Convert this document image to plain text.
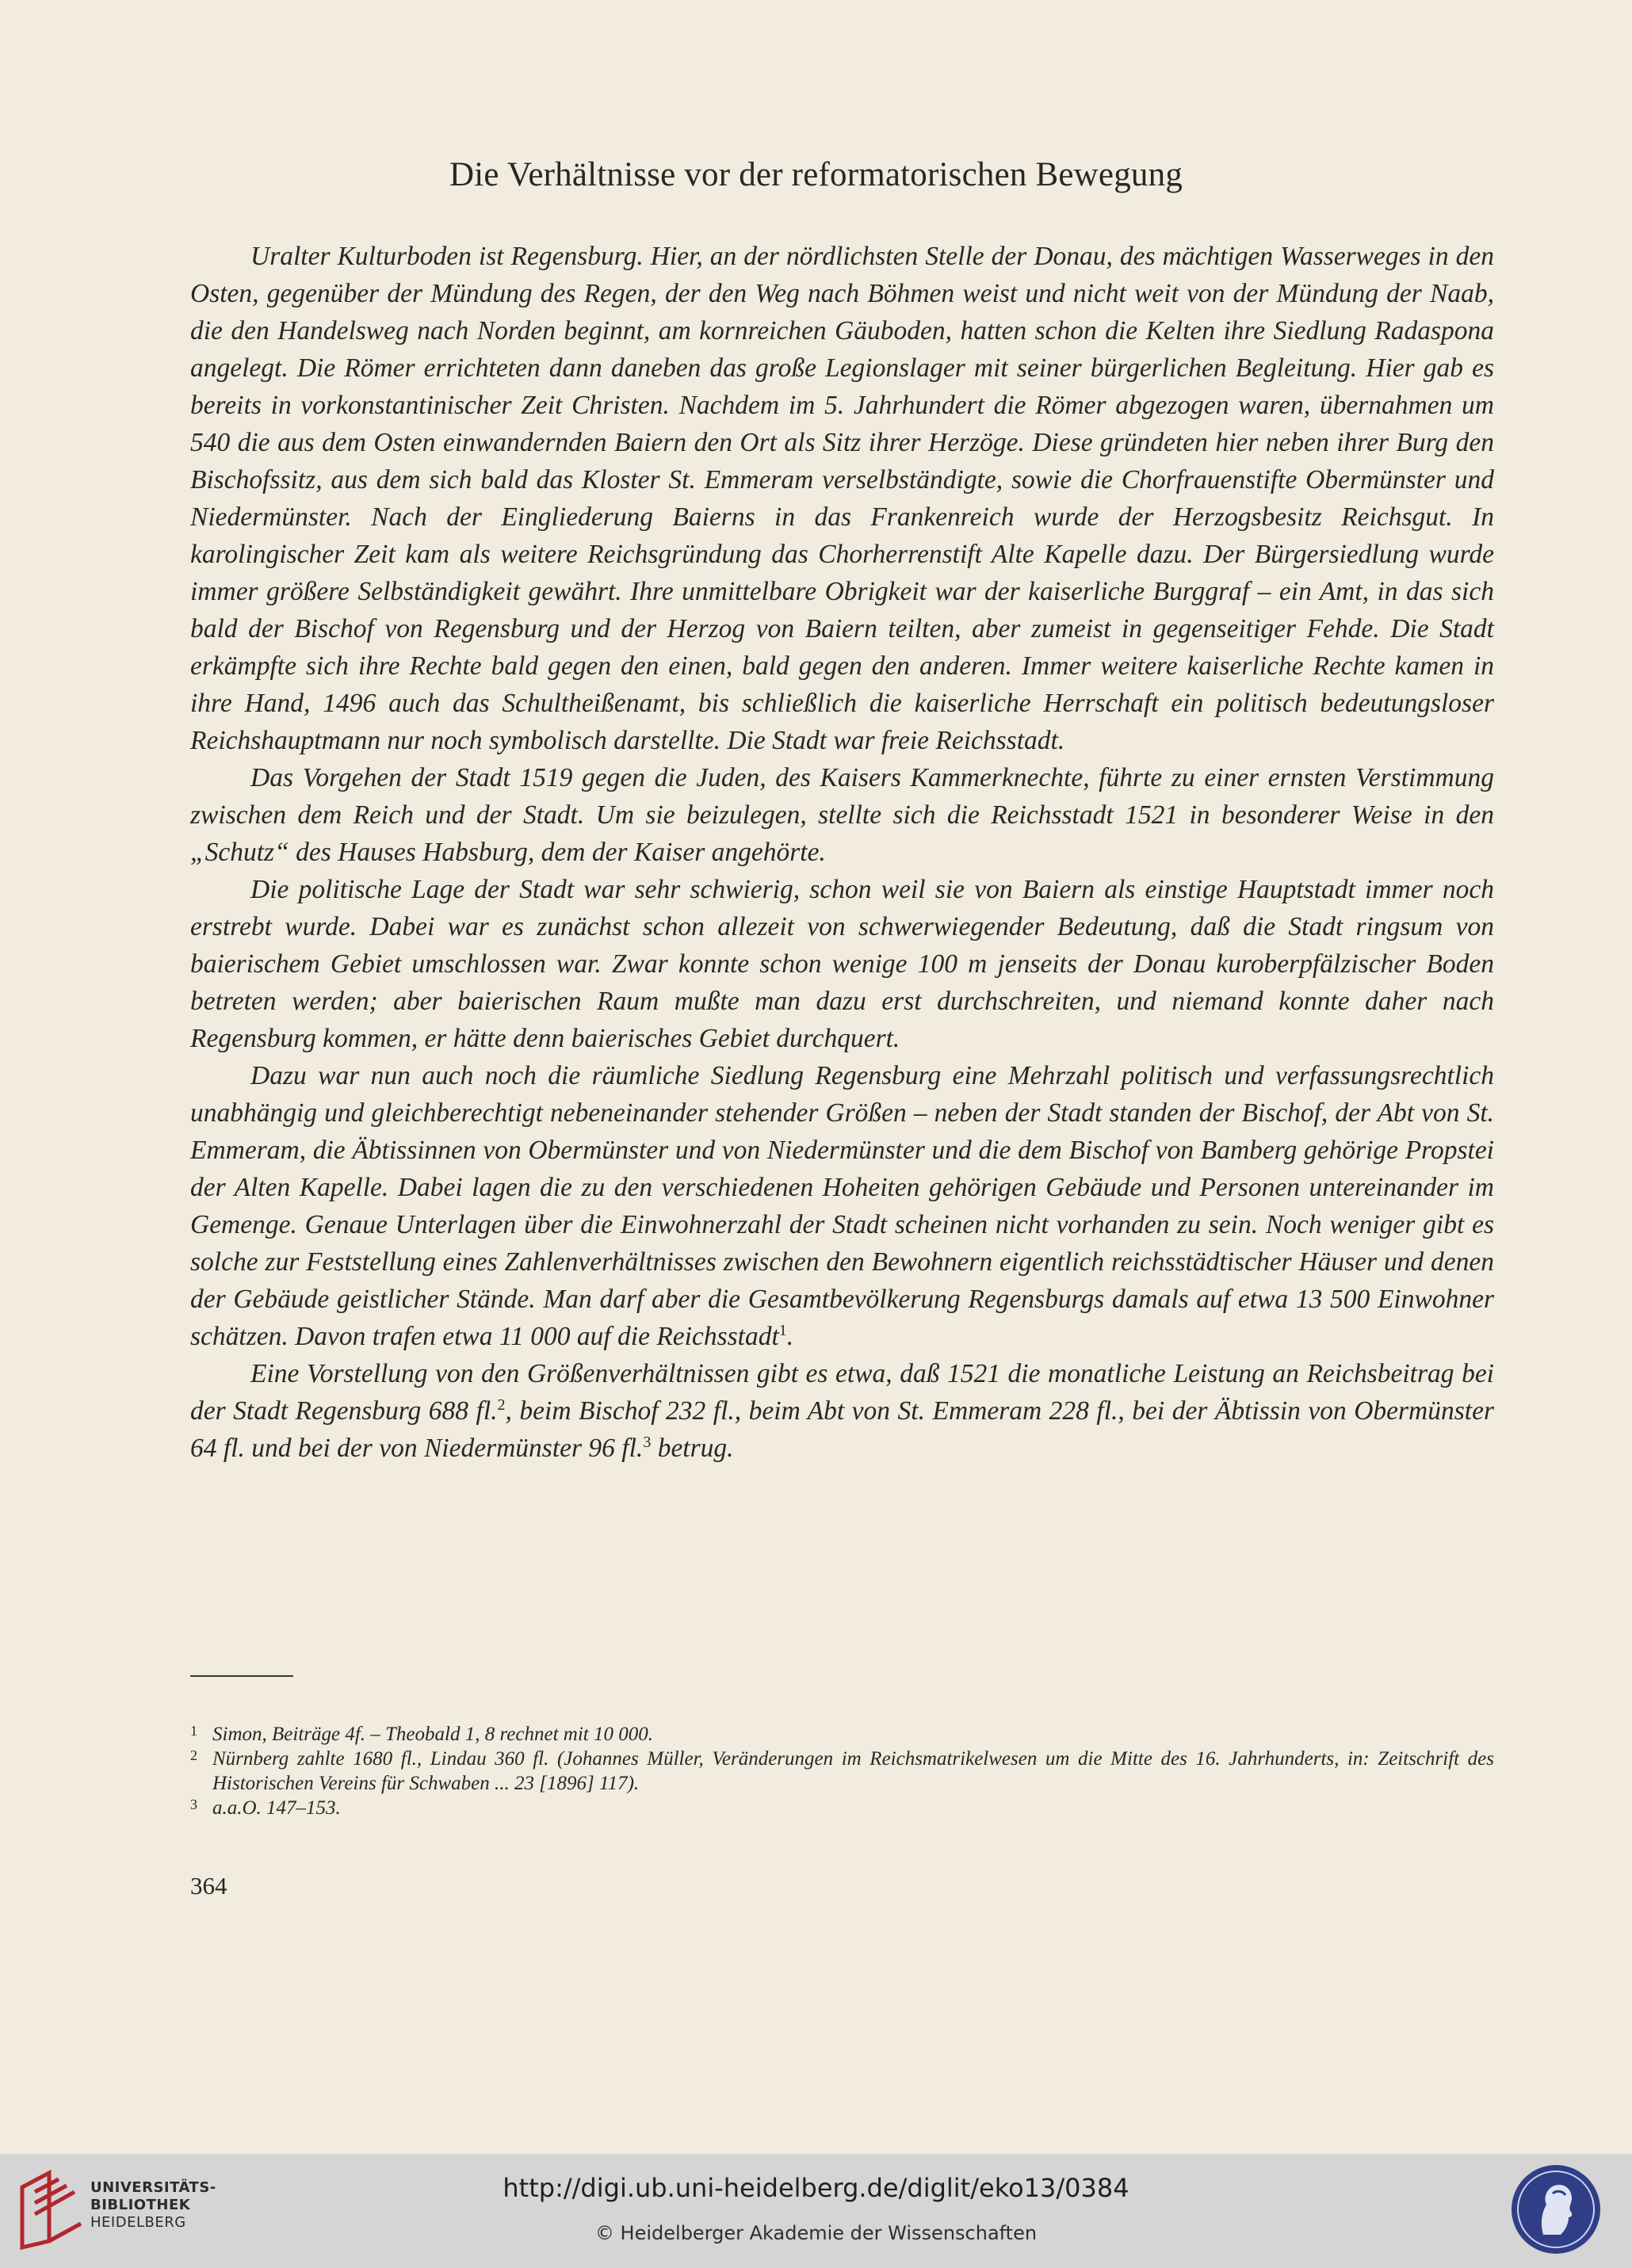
Die Verhältnisse vor der reformatorischen Bewegung

Uralter Kulturboden ist Regensburg. Hier, an der nördlichsten Stelle der Donau, des mächtigen Wasserweges in den Osten, gegenüber der Mündung des Regen, der den Weg nach Böhmen weist und nicht weit von der Mündung der Naab, die den Handelsweg nach Norden beginnt, am kornreichen Gäuboden, hatten schon die Kelten ihre Siedlung Radaspona angelegt. Die Römer errichteten dann daneben das große Legionslager mit seiner bürgerlichen Begleitung. Hier gab es bereits in vorkonstantinischer Zeit Christen. Nachdem im 5. Jahrhundert die Römer abgezogen waren, übernahmen um 540 die aus dem Osten einwandernden Baiern den Ort als Sitz ihrer Herzöge. Diese gründeten hier neben ihrer Burg den Bischofssitz, aus dem sich bald das Kloster St. Emmeram verselbständigte, sowie die Chorfrauenstifte Obermünster und Niedermünster. Nach der Eingliederung Baierns in das Frankenreich wurde der Herzogsbesitz Reichsgut. In karolingischer Zeit kam als weitere Reichsgründung das Chorherrenstift Alte Kapelle dazu. Der Bürgersiedlung wurde immer größere Selbständigkeit gewährt. Ihre unmittelbare Obrigkeit war der kaiserliche Burggraf – ein Amt, in das sich bald der Bischof von Regensburg und der Herzog von Baiern teilten, aber zumeist in gegenseitiger Fehde. Die Stadt erkämpfte sich ihre Rechte bald gegen den einen, bald gegen den anderen. Immer weitere kaiserliche Rechte kamen in ihre Hand, 1496 auch das Schultheißenamt, bis schließlich die kaiserliche Herrschaft ein politisch bedeutungsloser Reichshauptmann nur noch symbolisch darstellte. Die Stadt war freie Reichsstadt.

Das Vorgehen der Stadt 1519 gegen die Juden, des Kaisers Kammerknechte, führte zu einer ernsten Verstimmung zwischen dem Reich und der Stadt. Um sie beizulegen, stellte sich die Reichsstadt 1521 in besonderer Weise in den „Schutz“ des Hauses Habsburg, dem der Kaiser angehörte.

Die politische Lage der Stadt war sehr schwierig, schon weil sie von Baiern als einstige Hauptstadt immer noch erstrebt wurde. Dabei war es zunächst schon allezeit von schwerwiegender Bedeutung, daß die Stadt ringsum von baierischem Gebiet umschlossen war. Zwar konnte schon wenige 100 m jenseits der Donau kuroberpfälzischer Boden betreten werden; aber baierischen Raum mußte man dazu erst durchschreiten, und niemand konnte daher nach Regensburg kommen, er hätte denn baierisches Gebiet durchquert.

Dazu war nun auch noch die räumliche Siedlung Regensburg eine Mehrzahl politisch und verfassungsrechtlich unabhängig und gleichberechtigt nebeneinander stehender Größen – neben der Stadt standen der Bischof, der Abt von St. Emmeram, die Äbtissinnen von Obermünster und von Niedermünster und die dem Bischof von Bamberg gehörige Propstei der Alten Kapelle. Dabei lagen die zu den verschiedenen Hoheiten gehörigen Gebäude und Personen untereinander im Gemenge. Genaue Unterlagen über die Einwohnerzahl der Stadt scheinen nicht vorhanden zu sein. Noch weniger gibt es solche zur Feststellung eines Zahlenverhältnisses zwischen den Bewohnern eigentlich reichsstädtischer Häuser und denen der Gebäude geistlicher Stände. Man darf aber die Gesamtbevölkerung Regensburgs damals auf etwa 13 500 Einwohner schätzen. Davon trafen etwa 11 000 auf die Reichsstadt$^1$.

Eine Vorstellung von den Größenverhältnissen gibt es etwa, daß 1521 die monatliche Leistung an Reichsbeitrag bei der Stadt Regensburg 688 fl.$^2$, beim Bischof 232 fl., beim Abt von St. Emmeram 228 fl., bei der Äbtissin von Obermünster 64 fl. und bei der von Niedermünster 96 fl.$^3$ betrug.

1 Simon, Beiträge 4f. – Theobald 1, 8 rechnet mit 10 000.
2 Nürnberg zahlte 1680 fl., Lindau 360 fl. (Johannes Müller, Veränderungen im Reichsmatrikelwesen um die Mitte des 16. Jahrhunderts, in: Zeitschrift des Historischen Vereins für Schwaben ... 23 [1896] 117).
3 a.a.O. 147–153.
364
UNIVERSITÄTS-
BIBLIOTHEK
HEIDELBERG
http://digi.ub.uni-heidelberg.de/diglit/eko13/0384
© Heidelberger Akademie der Wissenschaften
